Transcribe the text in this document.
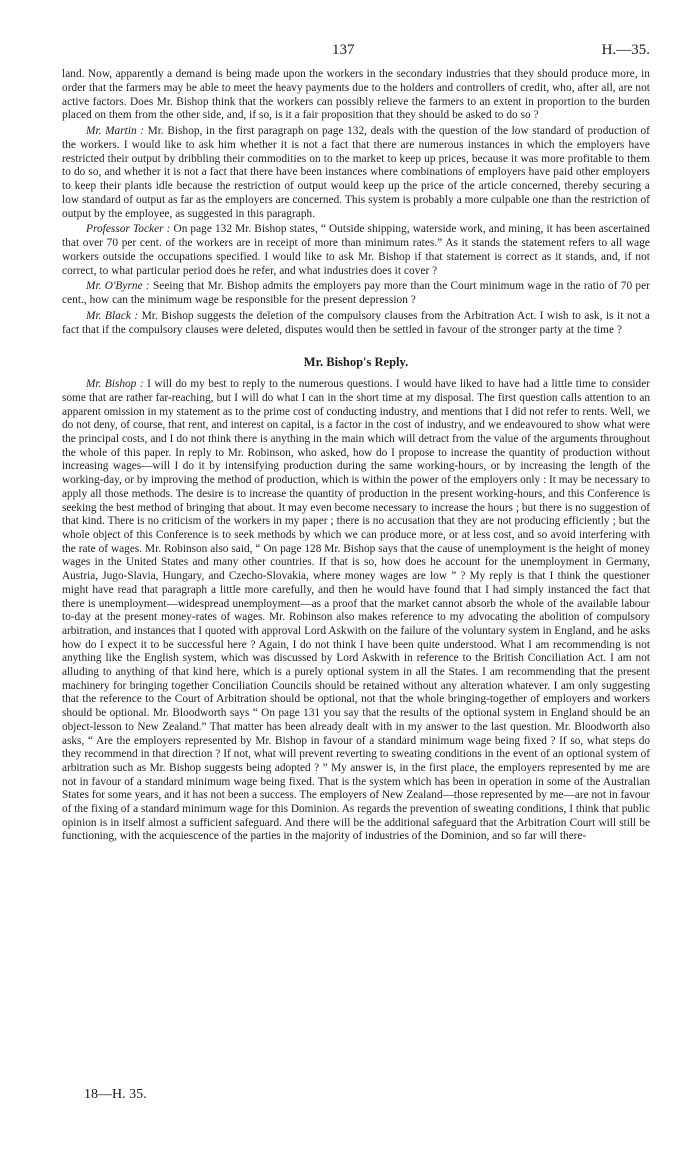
137	H.—35.

land. Now, apparently a demand is being made upon the workers in the secondary industries that they should produce more, in order that the farmers may be able to meet the heavy payments due to the holders and controllers of credit, who, after all, are not active factors. Does Mr. Bishop think that the workers can possibly relieve the farmers to an extent in proportion to the burden placed on them from the other side, and, if so, is it a fair proposition that they should be asked to do so ?

Mr. Martin : Mr. Bishop, in the first paragraph on page 132, deals with the question of the low standard of production of the workers. I would like to ask him whether it is not a fact that there are numerous instances in which the employers have restricted their output by dribbling their commodities on to the market to keep up prices, because it was more profitable to them to do so, and whether it is not a fact that there have been instances where combinations of employers have paid other employers to keep their plants idle because the restriction of output would keep up the price of the article concerned, thereby securing a low standard of output as far as the employers are concerned. This system is probably a more culpable one than the restriction of output by the employee, as suggested in this paragraph.

Professor Tocker : On page 132 Mr. Bishop states, “ Outside shipping, waterside work, and mining, it has been ascertained that over 70 per cent. of the workers are in receipt of more than minimum rates.” As it stands the statement refers to all wage workers outside the occupations specified. I would like to ask Mr. Bishop if that statement is correct as it stands, and, if not correct, to what particular period does he refer, and what industries does it cover ?

Mr. O'Byrne : Seeing that Mr. Bishop admits the employers pay more than the Court minimum wage in the ratio of 70 per cent., how can the minimum wage be responsible for the present depression ?

Mr. Black : Mr. Bishop suggests the deletion of the compulsory clauses from the Arbitration Act. I wish to ask, is it not a fact that if the compulsory clauses were deleted, disputes would then be settled in favour of the stronger party at the time ?

Mr. Bishop's Reply.

Mr. Bishop : I will do my best to reply to the numerous questions. I would have liked to have had a little time to consider some that are rather far-reaching, but I will do what I can in the short time at my disposal. The first question calls attention to an apparent omission in my statement as to the prime cost of conducting industry, and mentions that I did not refer to rents. Well, we do not deny, of course, that rent, and interest on capital, is a factor in the cost of industry, and we endeavoured to show what were the principal costs, and I do not think there is anything in the main which will detract from the value of the arguments throughout the whole of this paper. In reply to Mr. Robinson, who asked, how do I propose to increase the quantity of production without increasing wages—will I do it by intensifying production during the same working-hours, or by increasing the length of the working-day, or by improving the method of production, which is within the power of the employers only : It may be necessary to apply all those methods. The desire is to increase the quantity of production in the present working-hours, and this Conference is seeking the best method of bringing that about. It may even become necessary to increase the hours ; but there is no suggestion of that kind. There is no criticism of the workers in my paper ; there is no accusation that they are not producing efficiently ; but the whole object of this Conference is to seek methods by which we can produce more, or at less cost, and so avoid interfering with the rate of wages. Mr. Robinson also said, “ On page 128 Mr. Bishop says that the cause of unemployment is the height of money wages in the United States and many other countries. If that is so, how does he account for the unemployment in Germany, Austria, Jugo-Slavia, Hungary, and Czecho-Slovakia, where money wages are low ” ? My reply is that I think the questioner might have read that paragraph a little more carefully, and then he would have found that I had simply instanced the fact that there is unemployment—widespread unemployment—as a proof that the market cannot absorb the whole of the available labour to-day at the present money-rates of wages. Mr. Robinson also makes reference to my advocating the abolition of compulsory arbitration, and instances that I quoted with approval Lord Askwith on the failure of the voluntary system in England, and he asks how do I expect it to be successful here ? Again, I do not think I have been quite understood. What I am recommending is not anything like the English system, which was discussed by Lord Askwith in reference to the British Conciliation Act. I am not alluding to anything of that kind here, which is a purely optional system in all the States. I am recommending that the present machinery for bringing together Conciliation Councils should be retained without any alteration whatever. I am only suggesting that the reference to the Court of Arbitration should be optional, not that the whole bringing-together of employers and workers should be optional. Mr. Bloodworth says “ On page 131 you say that the results of the optional system in England should be an object-lesson to New Zealand.” That matter has been already dealt with in my answer to the last question. Mr. Bloodworth also asks, “ Are the employers represented by Mr. Bishop in favour of a standard minimum wage being fixed ? If so, what steps do they recommend in that direction ? If not, what will prevent reverting to sweating conditions in the event of an optional system of arbitration such as Mr. Bishop suggests being adopted ? ” My answer is, in the first place, the employers represented by me are not in favour of a standard minimum wage being fixed. That is the system which has been in operation in some of the Australian States for some years, and it has not been a success. The employers of New Zealand—those represented by me—are not in favour of the fixing of a standard minimum wage for this Dominion. As regards the prevention of sweating conditions, I think that public opinion is in itself almost a sufficient safeguard. And there will be the additional safeguard that the Arbitration Court will still be functioning, with the acquiescence of the parties in the majority of industries of the Dominion, and so far will there-

18—H. 35.
